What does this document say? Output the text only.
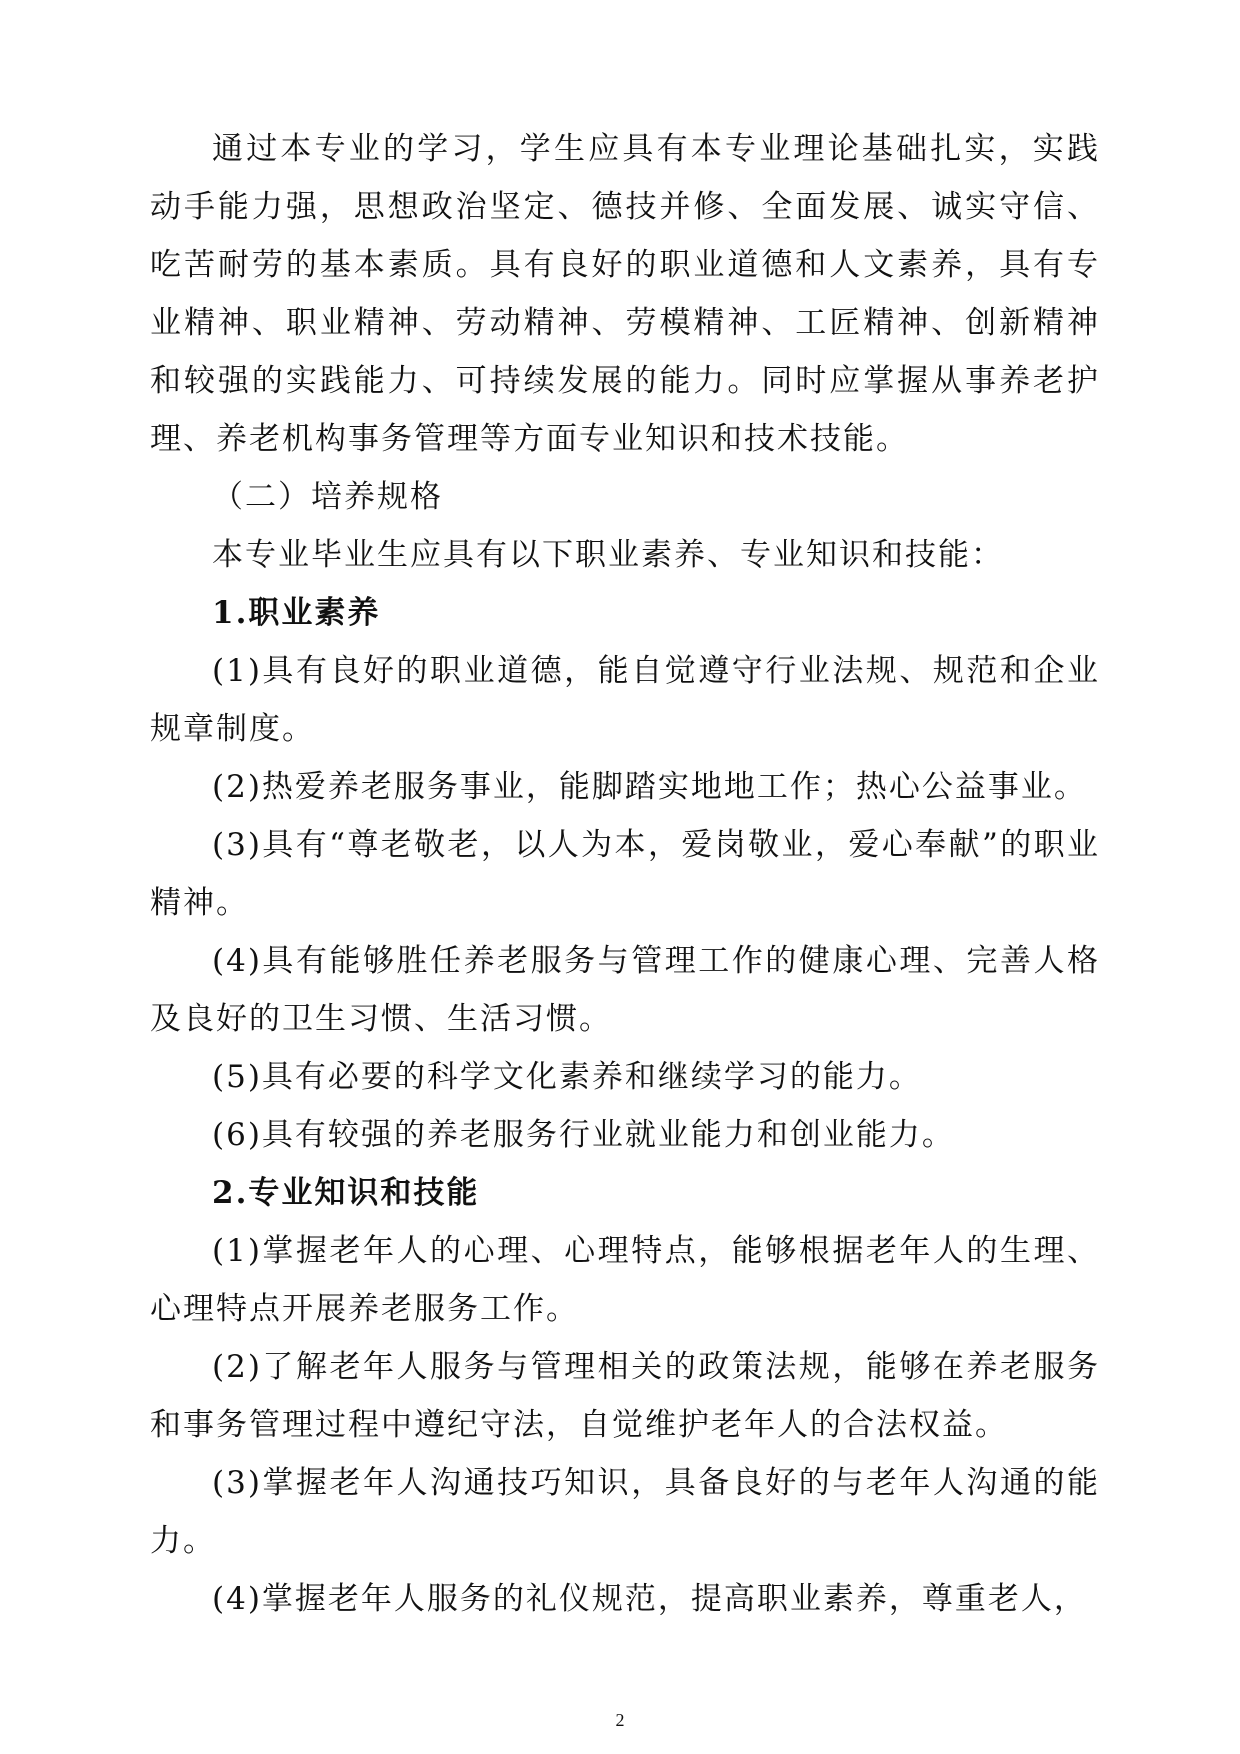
通过本专业的学习，学生应具有本专业理论基础扎实，实践动手能力强，思想政治坚定、德技并修、全面发展、诚实守信、吃苦耐劳的基本素质。具有良好的职业道德和人文素养，具有专业精神、职业精神、劳动精神、劳模精神、工匠精神、创新精神和较强的实践能力、可持续发展的能力。同时应掌握从事养老护理、养老机构事务管理等方面专业知识和技术技能。

（二）培养规格

本专业毕业生应具有以下职业素养、专业知识和技能：

1.职业素养

(1)具有良好的职业道德，能自觉遵守行业法规、规范和企业规章制度。

(2)热爱养老服务事业，能脚踏实地地工作；热心公益事业。

(3)具有“尊老敬老，以人为本，爱岗敬业，爱心奉献”的职业精神。

(4)具有能够胜任养老服务与管理工作的健康心理、完善人格及良好的卫生习惯、生活习惯。

(5)具有必要的科学文化素养和继续学习的能力。

(6)具有较强的养老服务行业就业能力和创业能力。

2.专业知识和技能

(1)掌握老年人的心理、心理特点，能够根据老年人的生理、心理特点开展养老服务工作。

(2)了解老年人服务与管理相关的政策法规，能够在养老服务和事务管理过程中遵纪守法，自觉维护老年人的合法权益。

(3)掌握老年人沟通技巧知识，具备良好的与老年人沟通的能力。

(4)掌握老年人服务的礼仪规范，提高职业素养，尊重老人，

2
